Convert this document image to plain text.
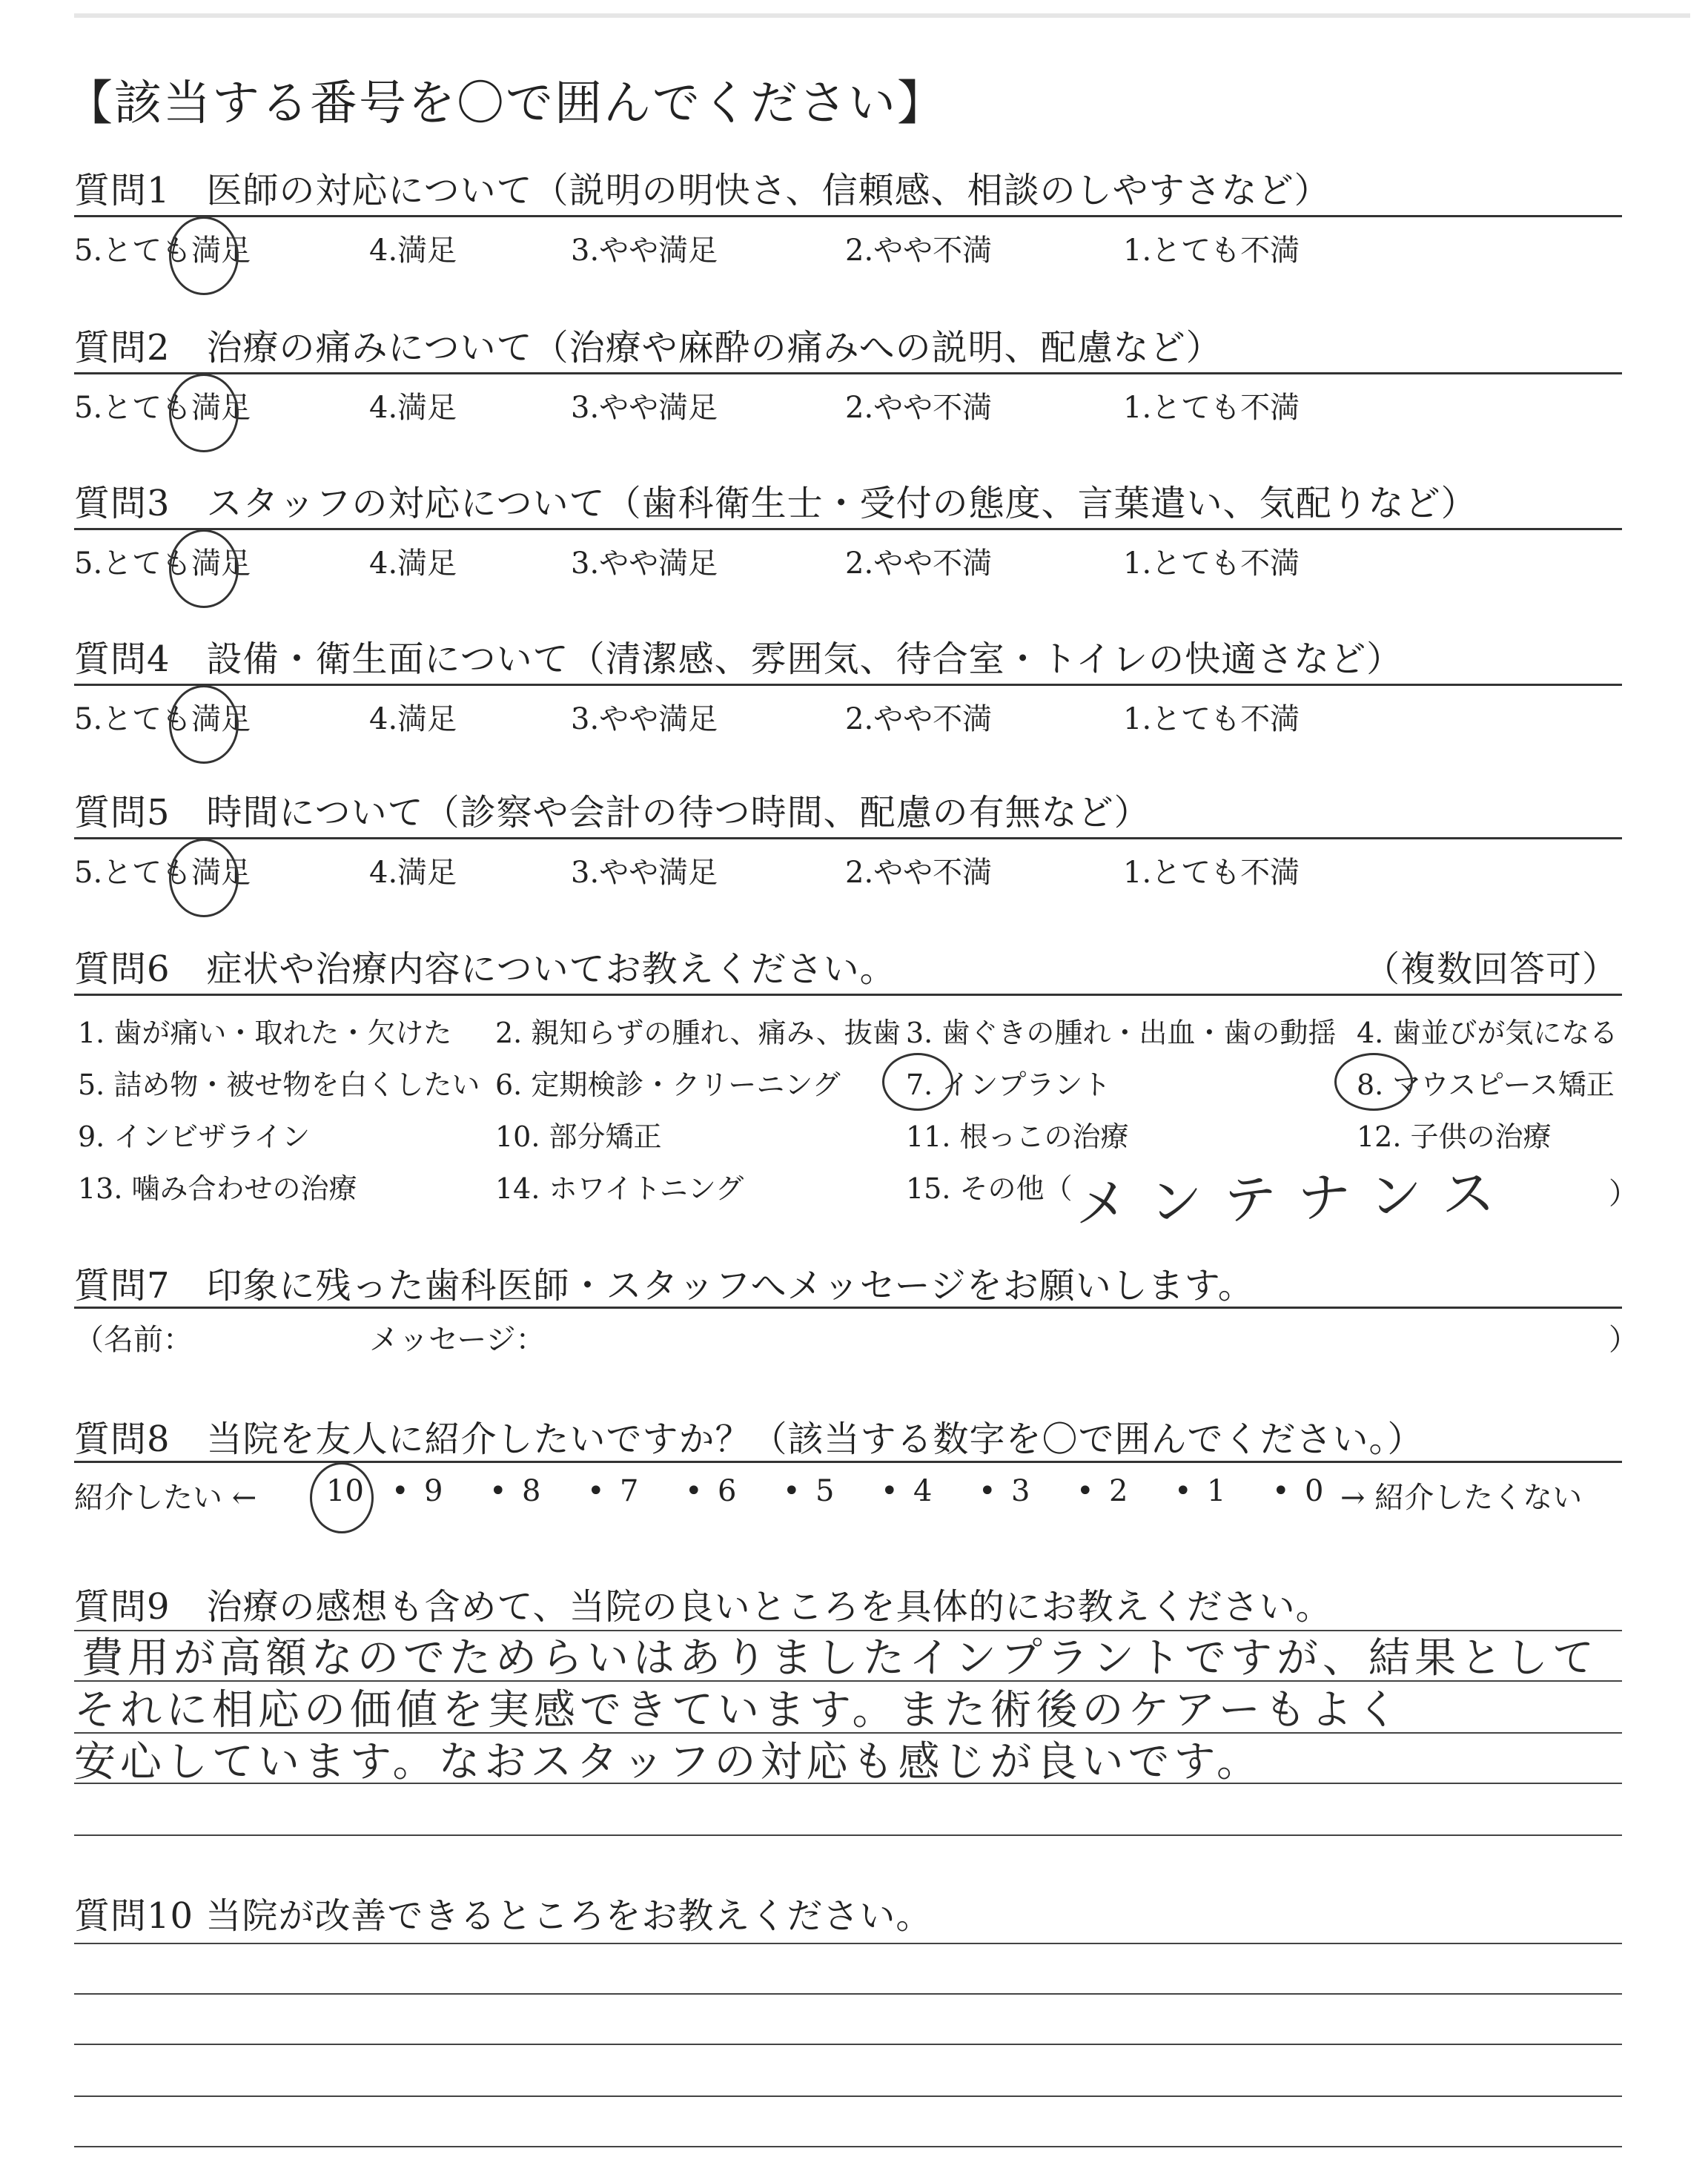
【該当する番号を〇で囲んでください】
質問1　医師の対応について（説明の明快さ、信頼感、相談のしやすさなど）
5.とても満足	4.満足	3.やや満足	2.やや不満	1.とても不満
質問2　治療の痛みについて（治療や麻酔の痛みへの説明、配慮など）
5.とても満足	4.満足	3.やや満足	2.やや不満	1.とても不満
質問3　スタッフの対応について（歯科衛生士・受付の態度、言葉遣い、気配りなど）
5.とても満足	4.満足	3.やや満足	2.やや不満	1.とても不満
質問4　設備・衛生面について（清潔感、雰囲気、待合室・トイレの快適さなど）
5.とても満足	4.満足	3.やや満足	2.やや不満	1.とても不満
質問5　時間について（診察や会計の待つ時間、配慮の有無など）
5.とても満足	4.満足	3.やや満足	2.やや不満	1.とても不満
質問6　症状や治療内容についてお教えください。	（複数回答可）
1. 歯が痛い・取れた・欠けた 2. 親知らずの腫れ、痛み、抜歯 3. 歯ぐきの腫れ・出血・歯の動揺 4. 歯並びが気になる
5. 詰め物・被せ物を白くしたい 6. 定期検診・クリーニング 7. インプラント	8. マウスピース矯正
9. インビザライン	10. 部分矯正	11. 根っこの治療	12. 子供の治療
13. 噛み合わせの治療	14. ホワイトニング	15. その他（ メンテナンス	）
質問7　印象に残った歯科医師・スタッフへメッセージをお願いします。
（名前：	メッセージ：	）
質問8　当院を友人に紹介したいですか？（該当する数字を〇で囲んでください。）
紹介したい ←	→ 紹介したくない
10 • 9 • 8 • 7 • 6 • 5 • 4 • 3 • 2 • 1 • 0
質問9　治療の感想も含めて、当院の良いところを具体的にお教えください。
費用が高額なのでためらいはありましたインプラントですが、結果として
それに相応の価値を実感できています。また術後のケアーもよく
安心しています。なおスタッフの対応も感じが良いです。
質問10 当院が改善できるところをお教えください。
